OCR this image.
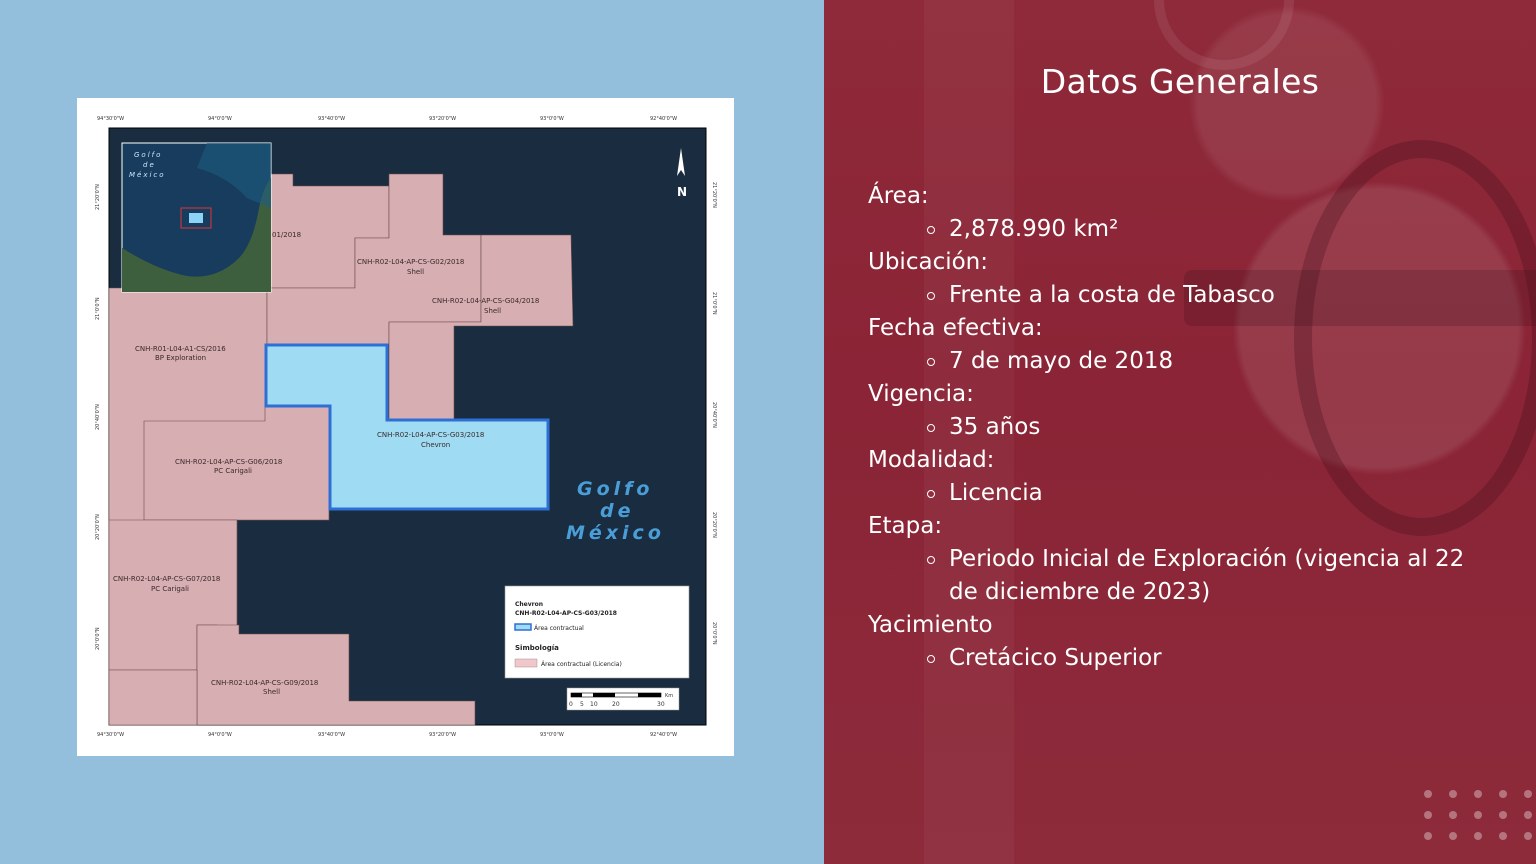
Golfo
de
México
N
01/2018
CNH-R02-L04-AP-CS-G02/2018
Shell
CNH-R02-L04-AP-CS-G04/2018
Shell
CNH-R01-L04-A1-CS/2016
BP Exploration
CNH-R02-L04-AP-CS-G03/2018
Chevron
CNH-R02-L04-AP-CS-G06/2018
PC Carigali
CNH-R02-L04-AP-CS-G07/2018
PC Carigali
CNH-R02-L04-AP-CS-G09/2018
Shell
Golfo
de
México
Chevron
CNH-R02-L04-AP-CS-G03/2018
Área contractual
Simbología
Área contractual (Licencia)
0 5 10 20	30
Km
94°30'0"W	94°0'0"W	93°40'0"W	93°20'0"W	93°0'0"W	92°40'0"W
94°30'0"W	94°0'0"W	93°40'0"W	93°20'0"W	93°0'0"W	92°40'0"W
21°20'0"N
21°0'0"N
20°40'0"N
20°20'0"N
20°0'0"N
21°20'0"N
21°0'0"N
20°40'0"N
20°20'0"N
20°0'0"N
Datos Generales
Área:
2,878.990 km²
Ubicación:
Frente a la costa de Tabasco
Fecha efectiva:
7 de mayo de 2018
Vigencia:
35 años
Modalidad:
Licencia
Etapa:
Periodo Inicial de Exploración (vigencia al 22
de diciembre de 2023)
Yacimiento
Cretácico Superior
